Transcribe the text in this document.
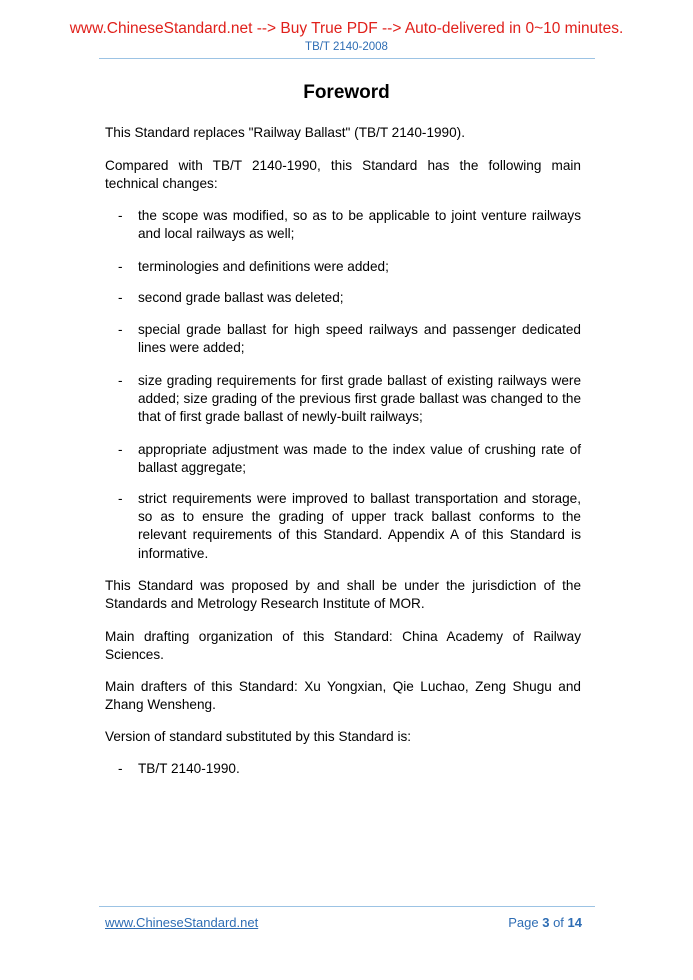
www.ChineseStandard.net --> Buy True PDF --> Auto-delivered in 0~10 minutes.
TB/T 2140-2008
Foreword
This Standard replaces "Railway Ballast" (TB/T 2140-1990).
Compared with TB/T 2140-1990, this Standard has the following main technical changes:
- the scope was modified, so as to be applicable to joint venture railways and local railways as well;
- terminologies and definitions were added;
- second grade ballast was deleted;
- special grade ballast for high speed railways and passenger dedicated lines were added;
- size grading requirements for first grade ballast of existing railways were added; size grading of the previous first grade ballast was changed to the that of first grade ballast of newly-built railways;
- appropriate adjustment was made to the index value of crushing rate of ballast aggregate;
- strict requirements were improved to ballast transportation and storage, so as to ensure the grading of upper track ballast conforms to the relevant requirements of this Standard. Appendix A of this Standard is informative.
This Standard was proposed by and shall be under the jurisdiction of the Standards and Metrology Research Institute of MOR.
Main drafting organization of this Standard: China Academy of Railway Sciences.
Main drafters of this Standard: Xu Yongxian, Qie Luchao, Zeng Shugu and Zhang Wensheng.
Version of standard substituted by this Standard is:
- TB/T 2140-1990.
www.ChineseStandard.net	Page 3 of 14
